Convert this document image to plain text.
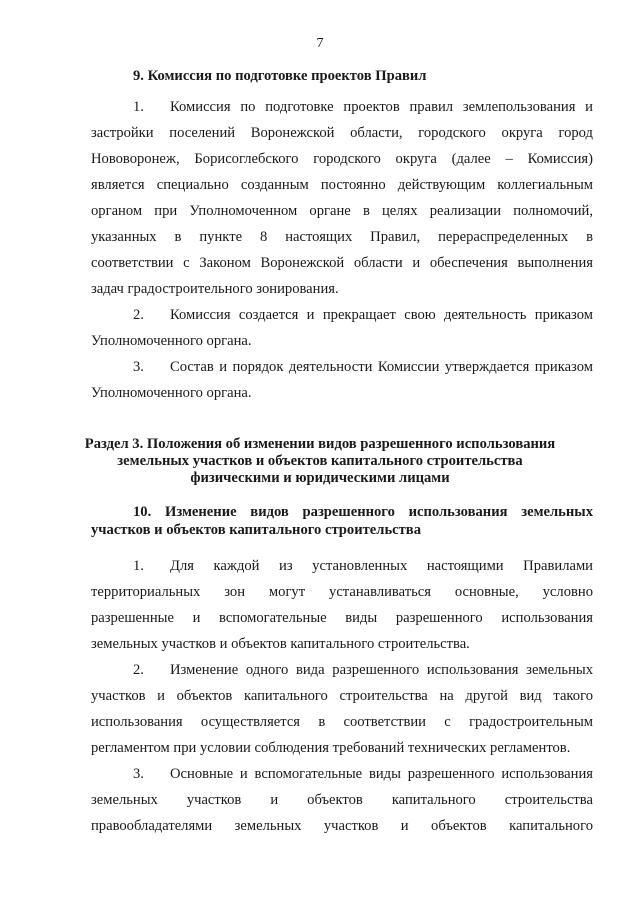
7
9. Комиссия по подготовке проектов Правил
1. Комиссия по подготовке проектов правил землепользования и
застройки поселений Воронежской области, городского округа город
Нововоронеж, Борисоглебского городского округа (далее – Комиссия)
является специально созданным постоянно действующим коллегиальным
органом при Уполномоченном органе в целях реализации полномочий,
указанных в пункте 8 настоящих Правил, перераспределенных в
соответствии с Законом Воронежской области и обеспечения выполнения
задач градостроительного зонирования.
2. Комиссия создается и прекращает свою деятельность приказом
Уполномоченного органа.
3. Состав и порядок деятельности Комиссии утверждается приказом
Уполномоченного органа.
Раздел 3. Положения об изменении видов разрешенного использования
земельных участков и объектов капитального строительства
физическими и юридическими лицами
10. Изменение видов разрешенного использования земельных
участков и объектов капитального строительства
1. Для каждой из установленных настоящими Правилами
территориальных зон могут устанавливаться основные, условно
разрешенные и вспомогательные виды разрешенного использования
земельных участков и объектов капитального строительства.
2. Изменение одного вида разрешенного использования земельных
участков и объектов капитального строительства на другой вид такого
использования осуществляется в соответствии с градостроительным
регламентом при условии соблюдения требований технических регламентов.
3. Основные и вспомогательные виды разрешенного использования
земельных участков и объектов капитального строительства
правообладателями земельных участков и объектов капитального
